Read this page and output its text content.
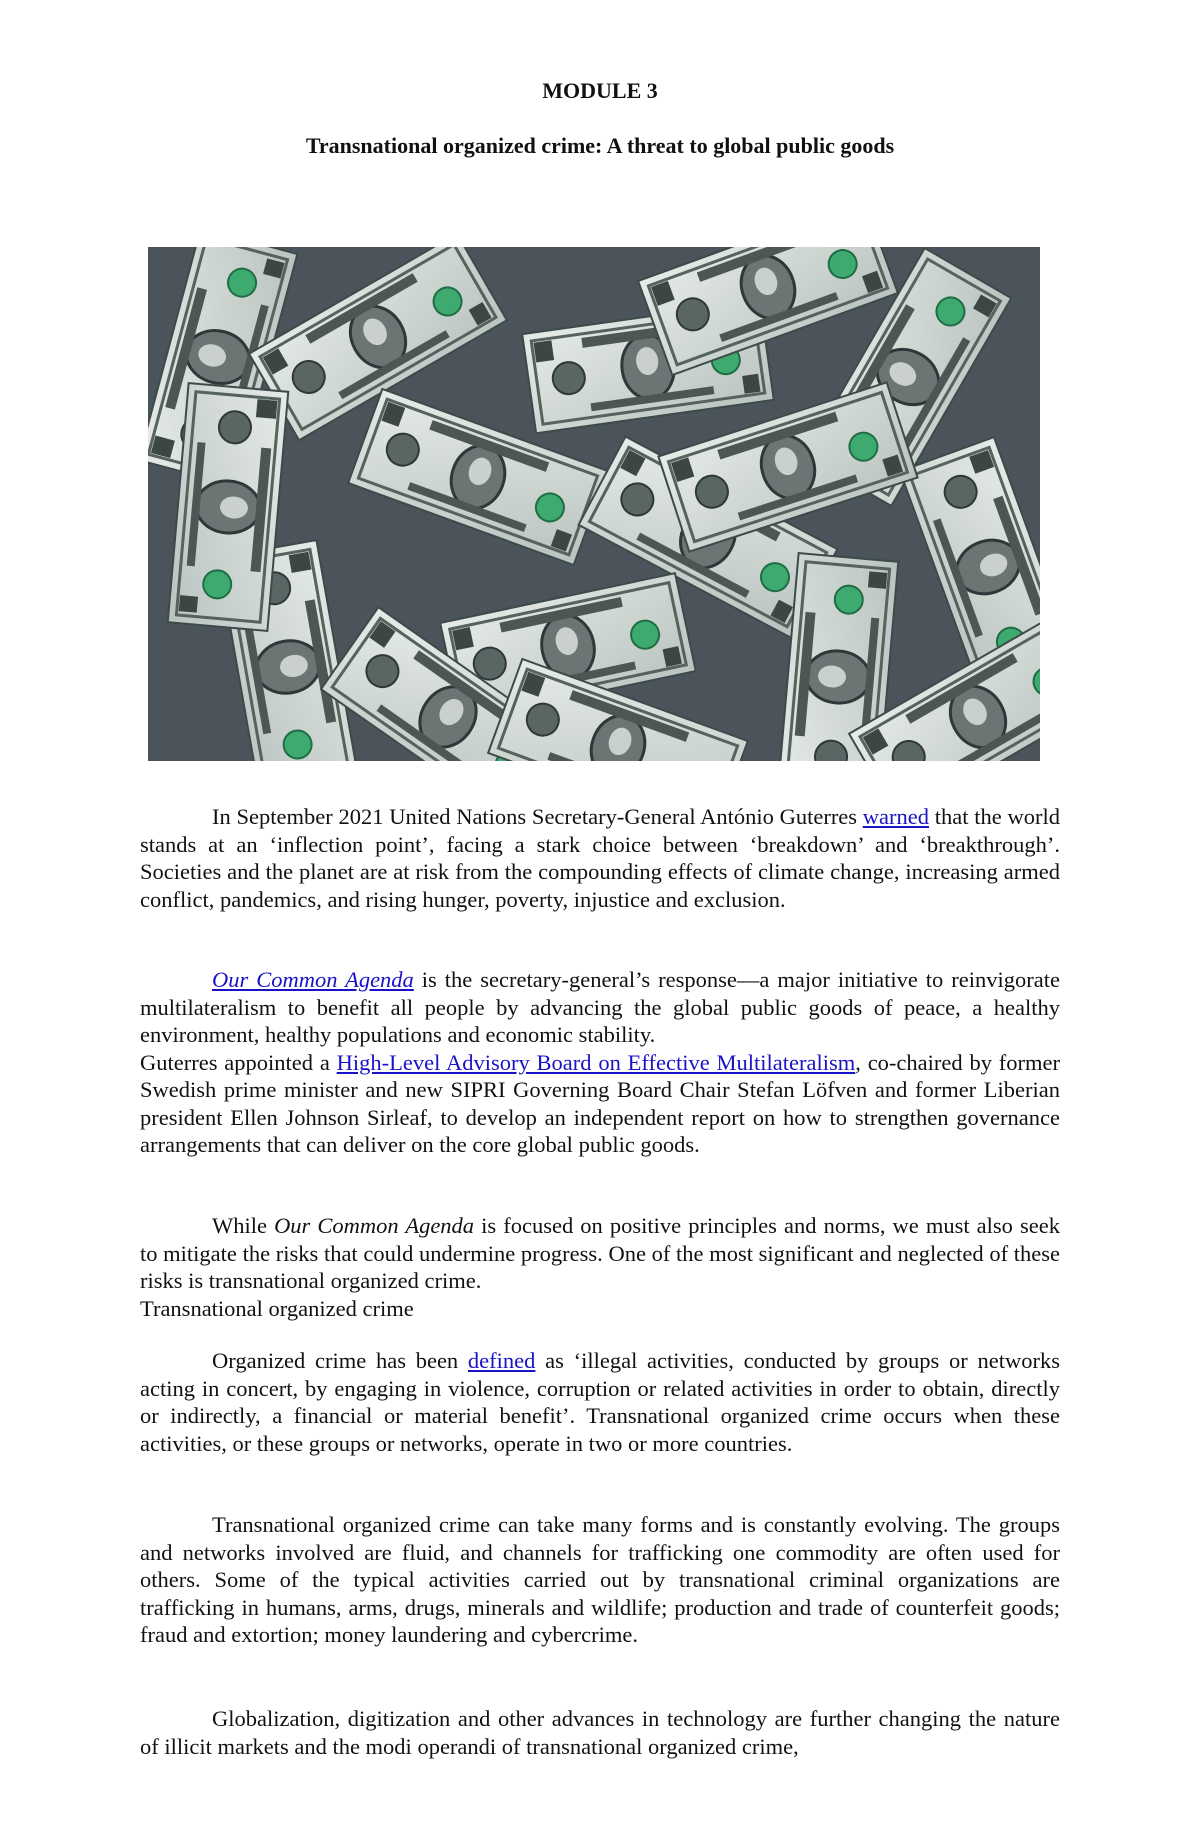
MODULE 3
Transnational organized crime: A threat to global public goods

In September 2021 United Nations Secretary-General António Guterres warned that the world stands at an ‘inflection point’, facing a stark choice between ‘breakdown’ and ‘breakthrough’. Societies and the planet are at risk from the compounding effects of climate change, increasing armed conflict, pandemics, and rising hunger, poverty, injustice and exclusion.

Our Common Agenda is the secretary-general’s response—a major initiative to reinvigorate multilateralism to benefit all people by advancing the global public goods of peace, a healthy environment, healthy populations and economic stability.

Guterres appointed a High-Level Advisory Board on Effective Multilateralism, co-chaired by former Swedish prime minister and new SIPRI Governing Board Chair Stefan Löfven and former Liberian president Ellen Johnson Sirleaf, to develop an independent report on how to strengthen governance arrangements that can deliver on the core global public goods.

While Our Common Agenda is focused on positive principles and norms, we must also seek to mitigate the risks that could undermine progress. One of the most significant and neglected of these risks is transnational organized crime.

Transnational organized crime

Organized crime has been defined as ‘illegal activities, conducted by groups or networks acting in concert, by engaging in violence, corruption or related activities in order to obtain, directly or indirectly, a financial or material benefit’. Transnational organized crime occurs when these activities, or these groups or networks, operate in two or more countries.

Transnational organized crime can take many forms and is constantly evolving. The groups and networks involved are fluid, and channels for trafficking one commodity are often used for others. Some of the typical activities carried out by transnational criminal organizations are trafficking in humans, arms, drugs, minerals and wildlife; production and trade of counterfeit goods; fraud and extortion; money laundering and cybercrime.

Globalization, digitization and other advances in technology are further changing the nature of illicit markets and the modi operandi of transnational organized crime,
